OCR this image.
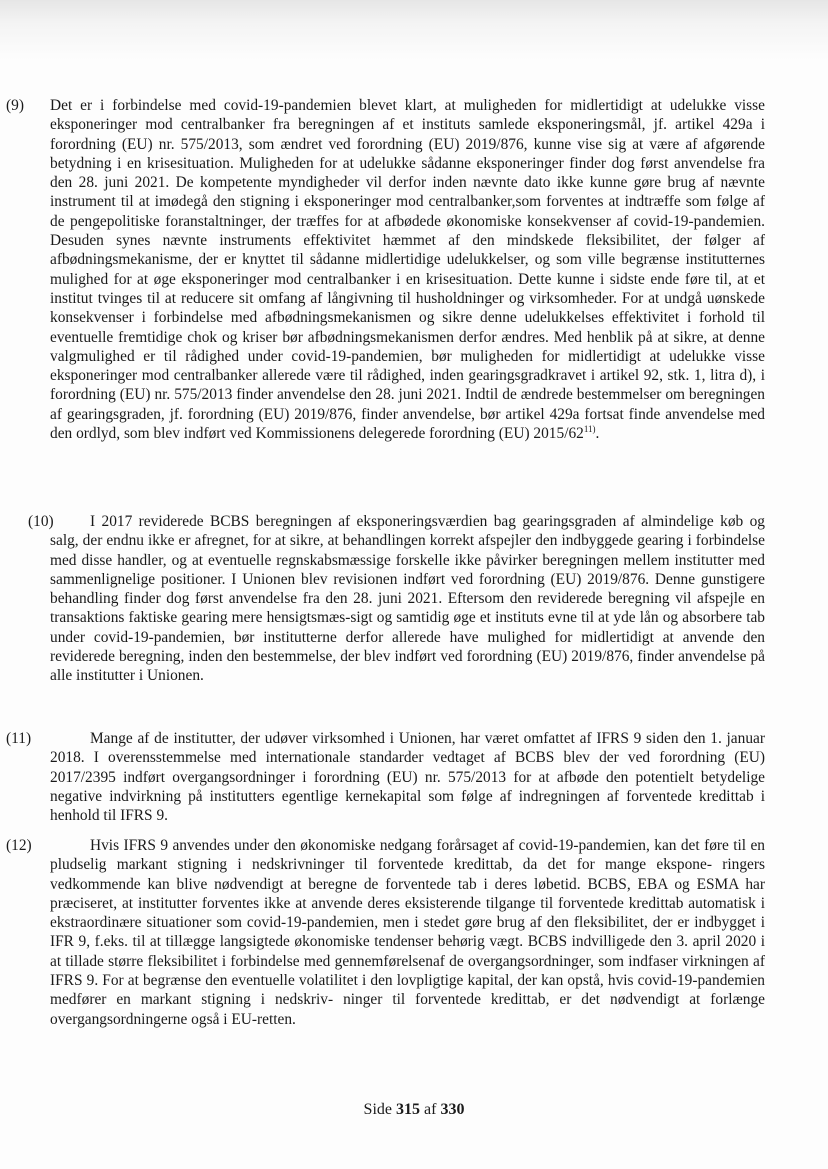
(9) Det er i forbindelse med covid-19-pandemien blevet klart, at muligheden for midlertidigt at udelukke visse eksponeringer mod centralbanker fra beregningen af et instituts samlede eksponeringsmål, jf. artikel 429a i forordning (EU) nr. 575/2013, som ændret ved forordning (EU) 2019/876, kunne vise sig at være af afgørende betydning i en krisesituation. Muligheden for at udelukke sådanne eksponeringer finder dog først anvendelse fra den 28. juni 2021. De kompetente myndigheder vil derfor inden nævnte dato ikke kunne gøre brug af nævnte instrument til at imødegå den stigning i eksponeringer mod centralbanker,som forventes at indtræffe som følge af de pengepolitiske foranstaltninger, der træffes for at afbødede økonomiske konsekvenser af covid-19-pandemien. Desuden synes nævnte instruments effektivitet hæmmet af den mindskede fleksibilitet, der følger af afbødningsmekanisme, der er knyttet til sådanne midlertidige udelukkelser, og som ville begrænse institutternes mulighed for at øge eksponeringer mod centralbanker i en krisesituation. Dette kunne i sidste ende føre til, at et institut tvinges til at reducere sit omfang af långivning til husholdninger og virksomheder. For at undgå uønskede konsekvenser i forbindelse med afbødningsmekanismen og sikre denne udelukkelses effektivitet i forhold til eventuelle fremtidige chok og kriser bør afbødningsmekanismen derfor ændres. Med henblik på at sikre, at denne valgmulighed er til rådighed under covid-19-pandemien, bør muligheden for midlertidigt at udelukke visse eksponeringer mod centralbanker allerede være til rådighed, inden gearingsgradkravet i artikel 92, stk. 1, litra d), i forordning (EU) nr. 575/2013 finder anvendelse den 28. juni 2021. Indtil de ændrede bestemmelser om beregningen af gearingsgraden, jf. forordning (EU) 2019/876, finder anvendelse, bør artikel 429a fortsat finde anvendelse med den ordlyd, som blev indført ved Kommissionens delegerede forordning (EU) 2015/62$^{11)}$.

(10) I 2017 reviderede BCBS beregningen af eksponeringsværdien bag gearingsgraden af almindelige køb og salg, der endnu ikke er afregnet, for at sikre, at behandlingen korrekt afspejler den indbyggede gearing i forbindelse med disse handler, og at eventuelle regnskabsmæssige forskelle ikke påvirker beregningen mellem institutter med sammenlignelige positioner. I Unionen blev revisionen indført ved forordning (EU) 2019/876. Denne gunstigere behandling finder dog først anvendelse fra den 28. juni 2021. Eftersom den reviderede beregning vil afspejle en transaktions faktiske gearing mere hensigtsmæs-sigt og samtidig øge et instituts evne til at yde lån og absorbere tab under covid-19-pandemien, bør institutterne derfor allerede have mulighed for midlertidigt at anvende den reviderede beregning, inden den bestemmelse, der blev indført ved forordning (EU) 2019/876, finder anvendelse på alle institutter i Unionen.

(11)	Mange af de institutter, der udøver virksomhed i Unionen, har været omfattet af IFRS 9 siden den 1. januar 2018. I overensstemmelse med internationale standarder vedtaget af BCBS blev der ved forordning (EU) 2017/2395 indført overgangsordninger i forordning (EU) nr. 575/2013 for at afbøde den potentielt betydelige negative indvirkning på institutters egentlige kernekapital som følge af indregningen af forventede kredittab i henhold til IFRS 9.

(12)	Hvis IFRS 9 anvendes under den økonomiske nedgang forårsaget af covid-19-pandemien, kan det føre til en pludselig markant stigning i nedskrivninger til forventede kredittab, da det for mange ekspone- ringers vedkommende kan blive nødvendigt at beregne de forventede tab i deres løbetid. BCBS, EBA og ESMA har præciseret, at institutter forventes ikke at anvende deres eksisterende tilgange til forventede kredittab automatisk i ekstraordinære situationer som covid-19-pandemien, men i stedet gøre brug af den fleksibilitet, der er indbygget i IFR 9, f.eks. til at tillægge langsigtede økonomiske tendenser behørig vægt. BCBS indvilligede den 3. april 2020 i at tillade større fleksibilitet i forbindelse med gennemførelsenaf de overgangsordninger, som indfaser virkningen af IFRS 9. For at begrænse den eventuelle volatilitet i den lovpligtige kapital, der kan opstå, hvis covid-19-pandemien medfører en markant stigning i nedskriv- ninger til forventede kredittab, er det nødvendigt at forlænge overgangsordningerne også i EU-retten.

Side 315 af 330
